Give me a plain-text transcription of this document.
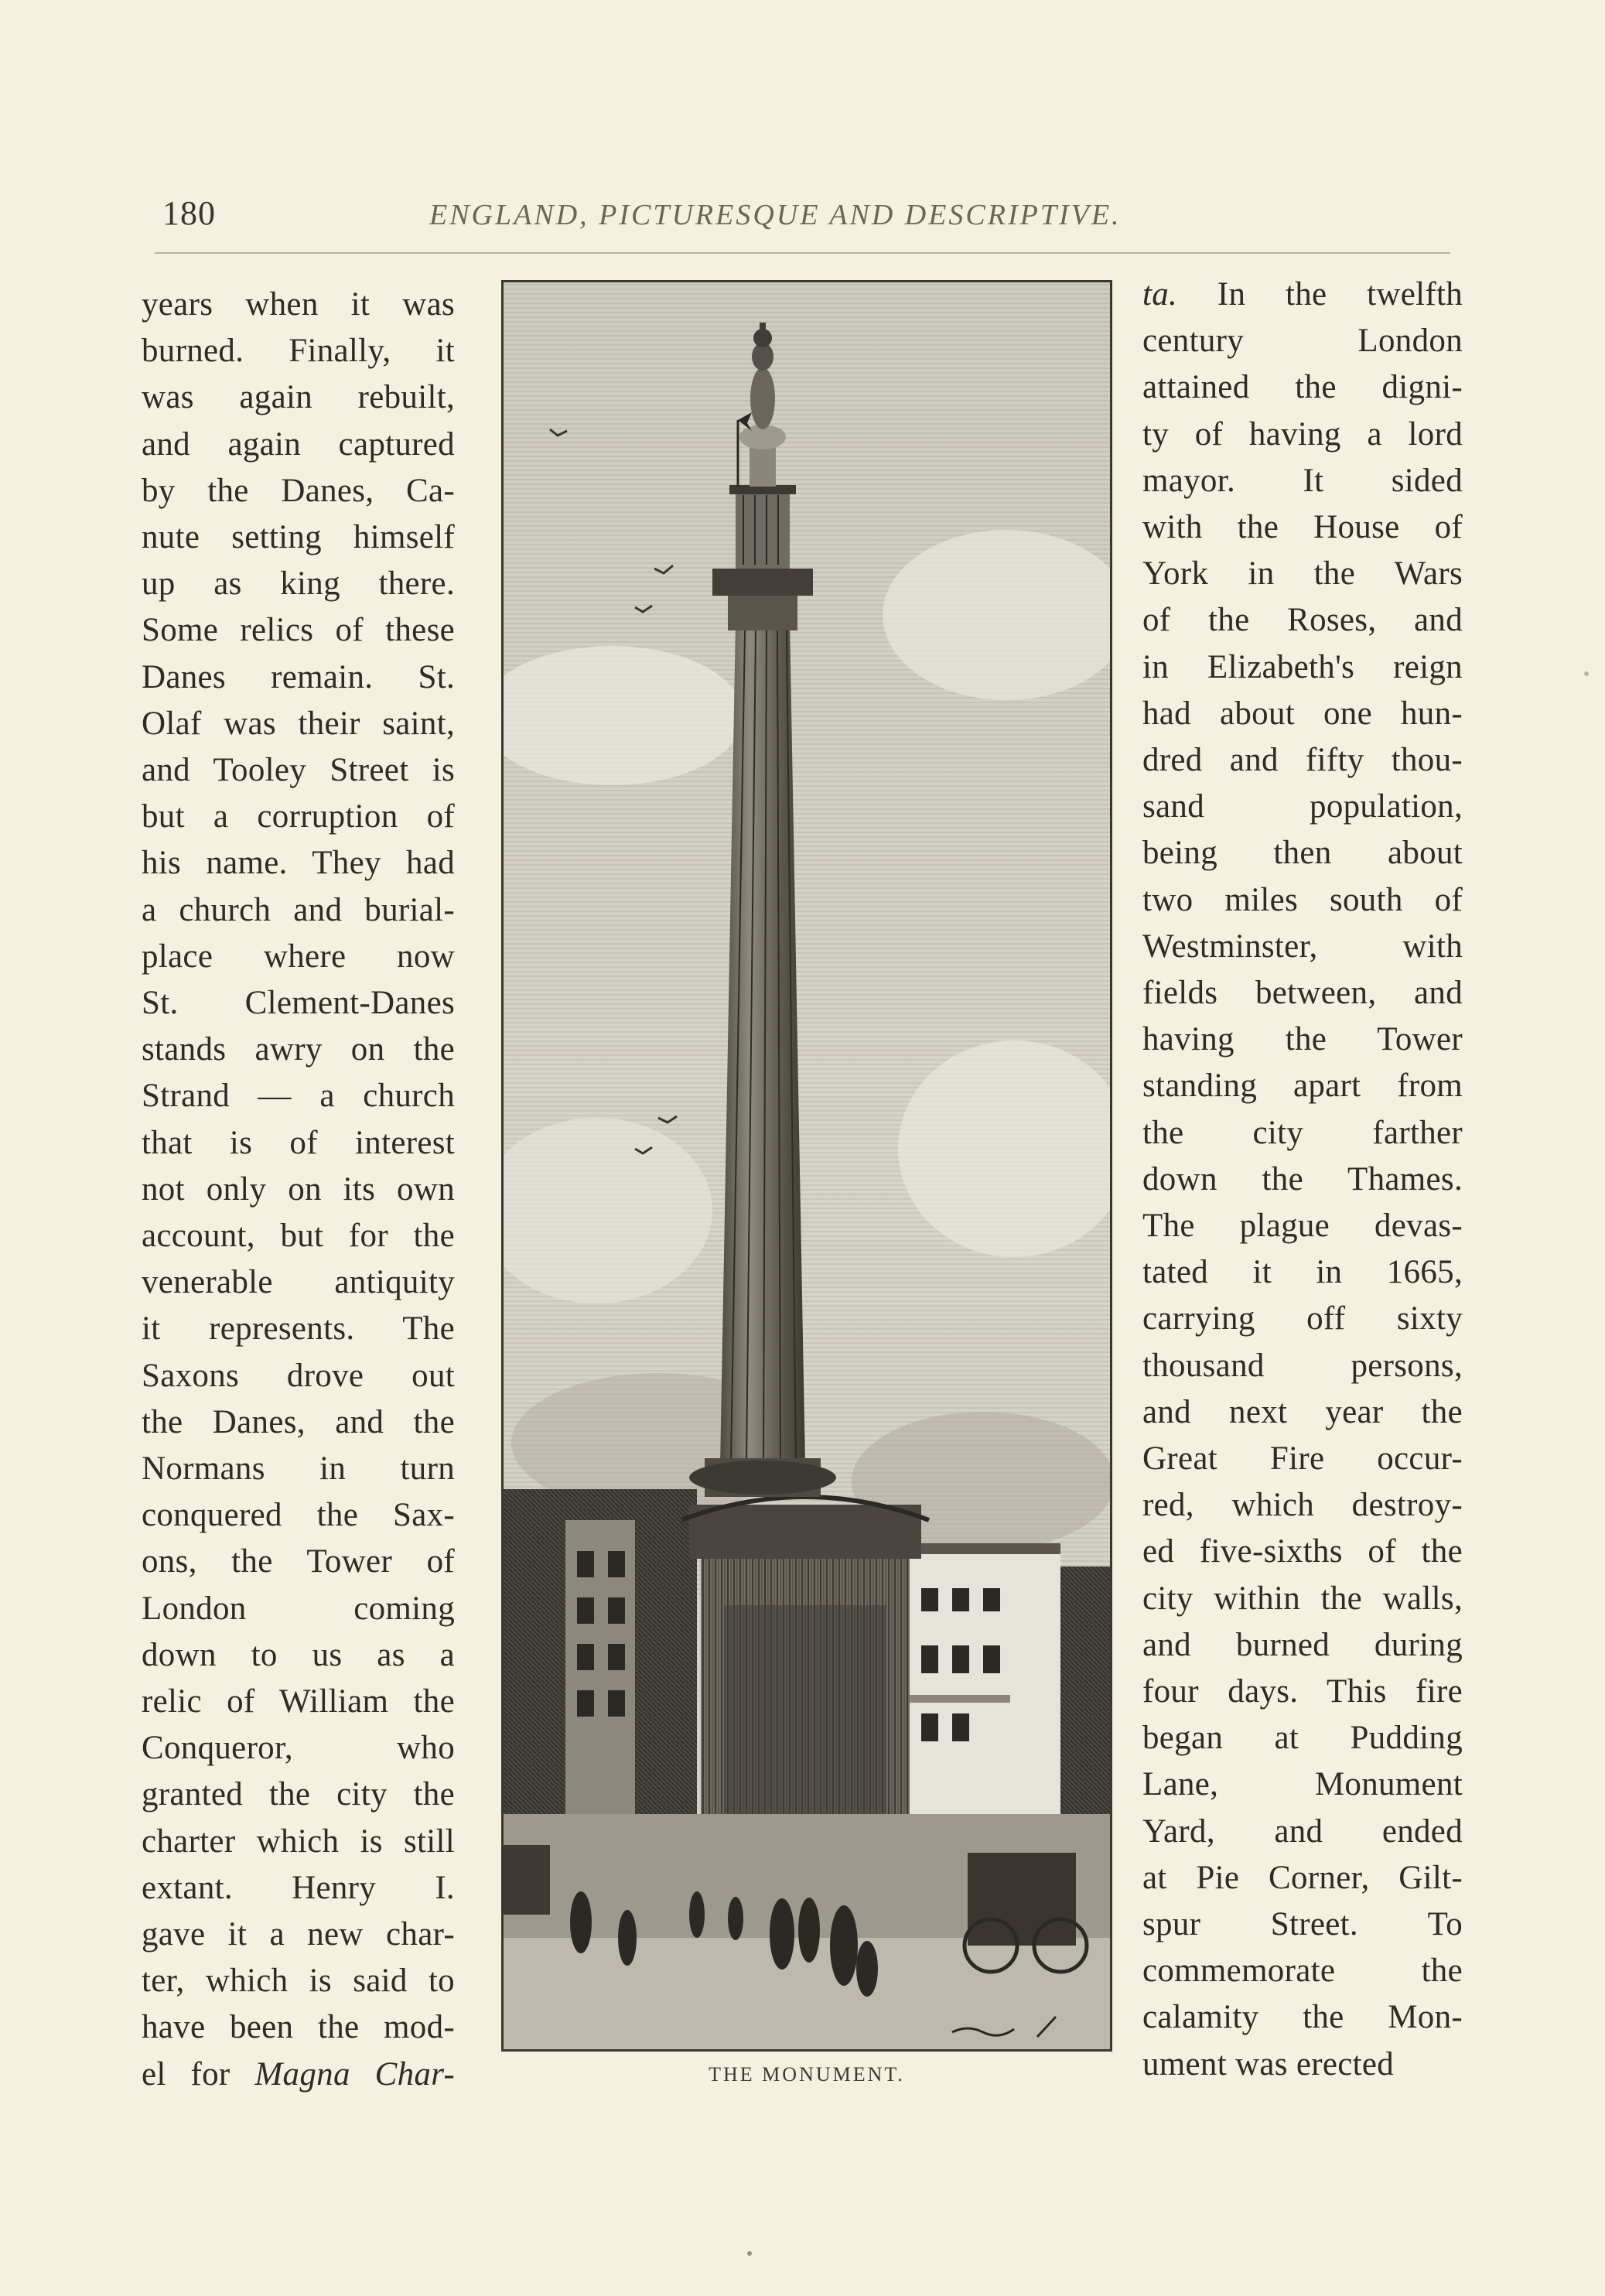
180	ENGLAND, PICTURESQUE AND DESCRIPTIVE.
years when it was
burned. Finally, it
was again rebuilt,
and again captured
by the Danes, Ca-
nute setting himself
up as king there.
Some relics of these
Danes remain. St.
Olaf was their saint,
and Tooley Street is
but a corruption of
his name. They had
a church and burial-
place where now
St. Clement-Danes
stands awry on the
Strand — a church
that is of interest
not only on its own
account, but for the
venerable antiquity
it represents. The
Saxons drove out
the Danes, and the
Normans in turn
conquered the Sax-
ons, the Tower of
London coming
down to us as a
relic of William the
Conqueror, who
granted the city the
charter which is still
extant. Henry I.
gave it a new char-
ter, which is said to
have been the mod-
el for Magna Char-
ta. In the twelfth
century London
attained the digni-
ty of having a lord
mayor. It sided
with the House of
York in the Wars
of the Roses, and
in Elizabeth's reign
had about one hun-
dred and fifty thou-
sand population,
being then about
two miles south of
Westminster, with
fields between, and
having the Tower
standing apart from
the city farther
down the Thames.
The plague devas-
tated it in 1665,
carrying off sixty
thousand persons,
and next year the
Great Fire occur-
red, which destroy-
ed five-sixths of the
city within the walls,
and burned during
four days. This fire
began at Pudding
Lane, Monument
Yard, and ended
at Pie Corner, Gilt-
spur Street. To
commemorate the
calamity the Mon-
ument was erected
THE MONUMENT.
